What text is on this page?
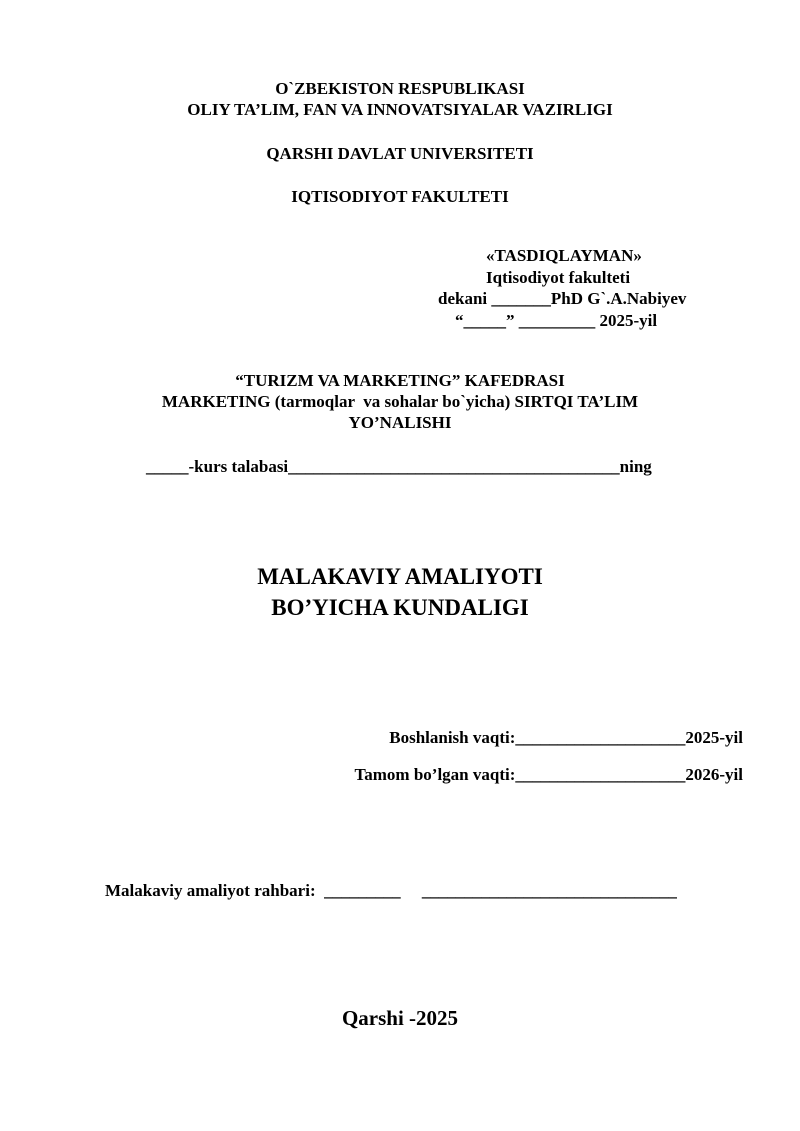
O`ZBEKISTON RESPUBLIKASI
OLIY TA’LIM, FAN VA INNOVATSIYALAR VAZIRLIGI
QARSHI DAVLAT UNIVERSITETI
IQTISODIYOT FAKULTETI
«TASDIQLAYMAN»
Iqtisodiyot fakulteti
dekani _______PhD G`.A.Nabiyev
“_____” _________ 2025-yil
“TURIZM VA MARKETING” KAFEDRASI
MARKETING (tarmoqlar  va sohalar bo`yicha) SIRTQI TA’LIM
YO’NALISHI
_____-kurs talabasi_______________________________________ning
MALAKAVIY AMALIYOTI
BO’YICHA KUNDALIGI
Boshlanish vaqti:____________________2025-yil
Tamom bo’lgan vaqti:____________________2026-yil
Malakaviy amaliyot rahbari:  _________     ______________________________
Qarshi -2025
